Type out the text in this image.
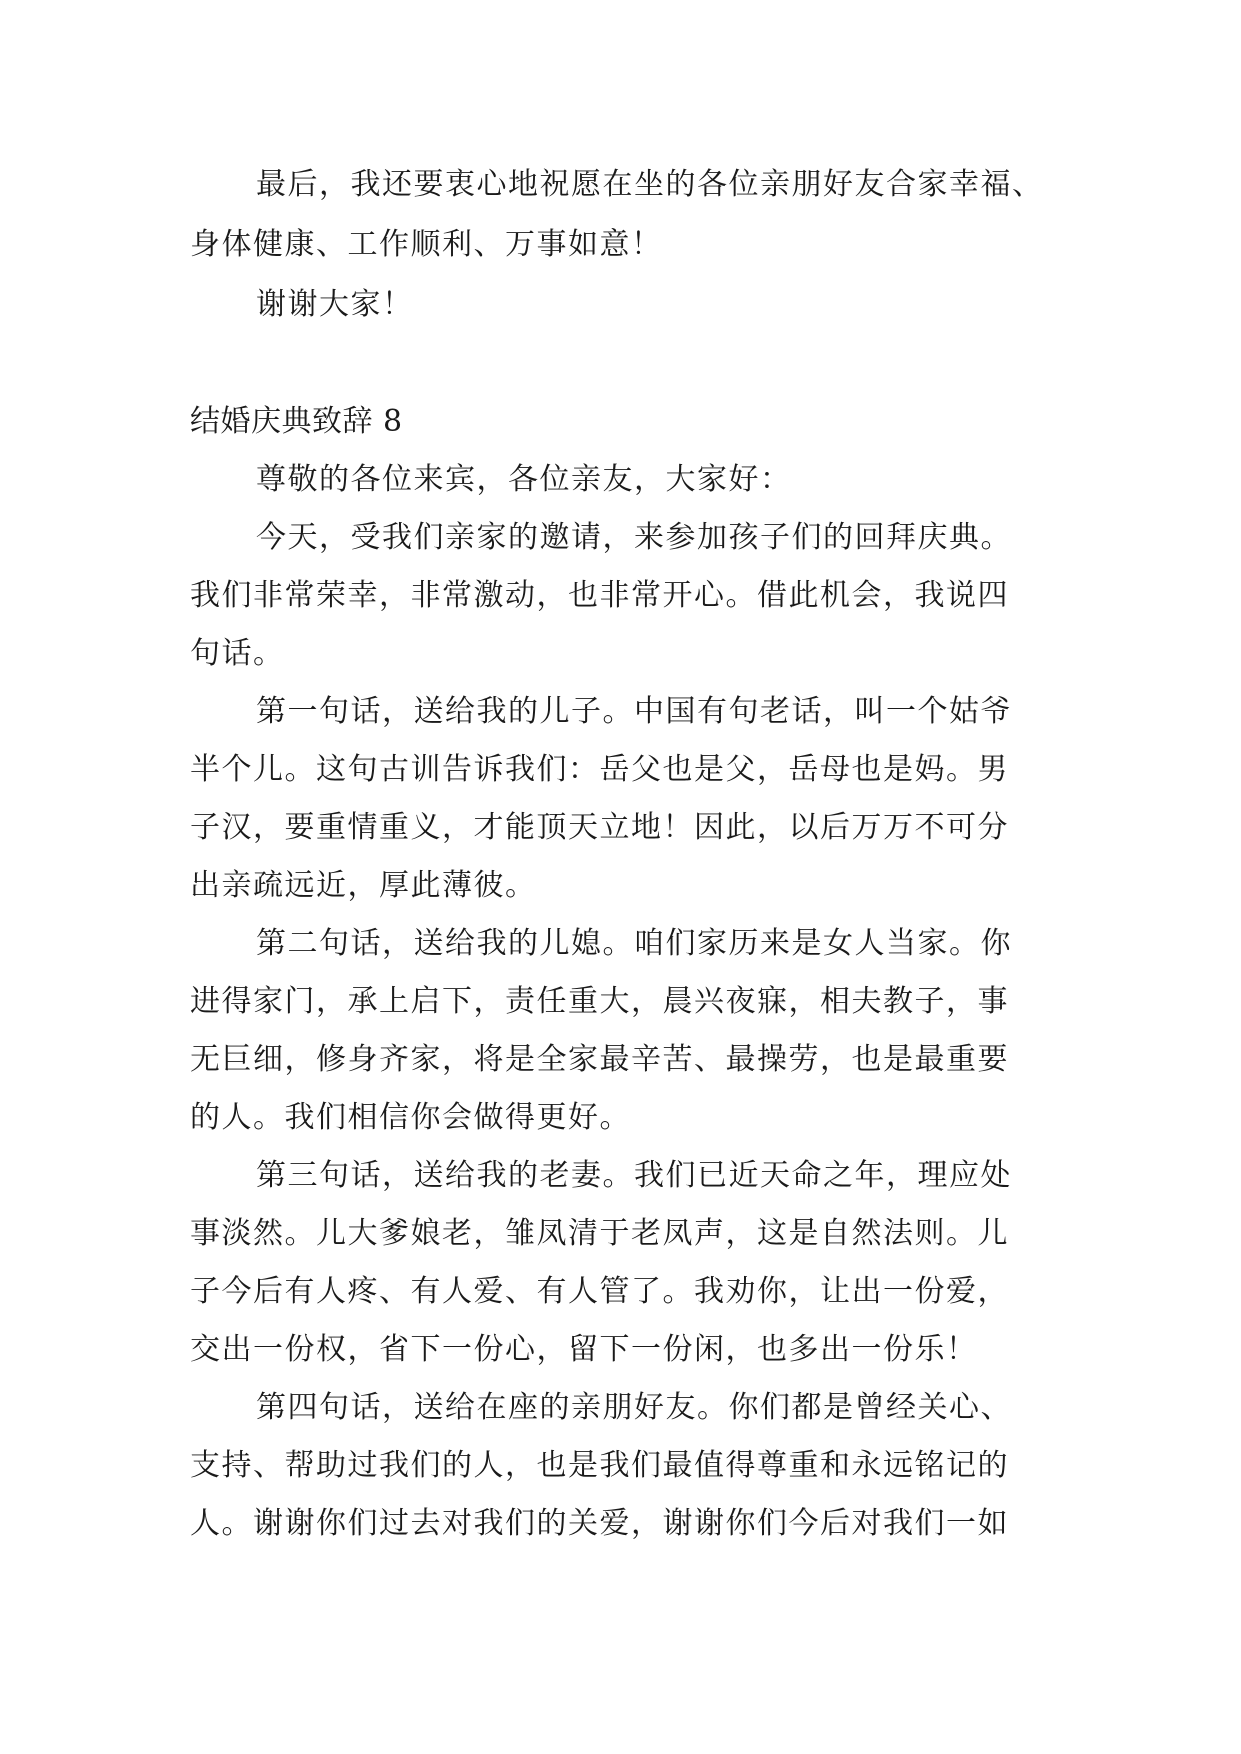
最后，我还要衷心地祝愿在坐的各位亲朋好友合家幸福、
身体健康、工作顺利、万事如意！
谢谢大家！
结婚庆典致辞 8
尊敬的各位来宾，各位亲友，大家好：
今天，受我们亲家的邀请，来参加孩子们的回拜庆典。
我们非常荣幸，非常激动，也非常开心。借此机会，我说四
句话。
第一句话，送给我的儿子。中国有句老话，叫一个姑爷
半个儿。这句古训告诉我们：岳父也是父，岳母也是妈。男
子汉，要重情重义，才能顶天立地！因此，以后万万不可分
出亲疏远近，厚此薄彼。
第二句话，送给我的儿媳。咱们家历来是女人当家。你
进得家门，承上启下，责任重大，晨兴夜寐，相夫教子，事
无巨细，修身齐家，将是全家最辛苦、最操劳，也是最重要
的人。我们相信你会做得更好。
第三句话，送给我的老妻。我们已近天命之年，理应处
事淡然。儿大爹娘老，雏凤清于老凤声，这是自然法则。儿
子今后有人疼、有人爱、有人管了。我劝你，让出一份爱，
交出一份权，省下一份心，留下一份闲，也多出一份乐！
第四句话，送给在座的亲朋好友。你们都是曾经关心、
支持、帮助过我们的人，也是我们最值得尊重和永远铭记的
人。谢谢你们过去对我们的关爱，谢谢你们今后对我们一如
